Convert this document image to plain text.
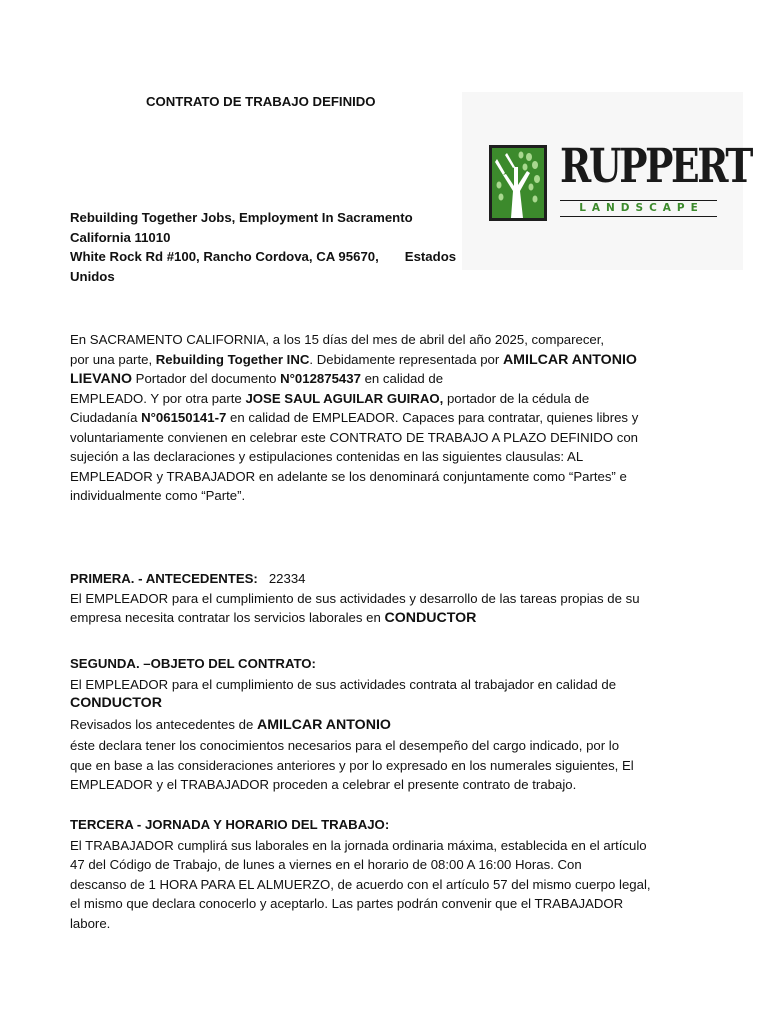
CONTRATO DE TRABAJO DEFINIDO
RUPPERT
LANDSCAPE
Rebuilding Together Jobs, Employment In Sacramento
California 11010
White Rock Rd #100, Rancho Cordova, CA 95670, Estados
Unidos
En SACRAMENTO CALIFORNIA, a los 15 días del mes de abril del año 2025, comparecer,
por una parte, Rebuilding Together INC. Debidamente representada por AMILCAR ANTONIO
LIEVANO Portador del documento N°012875437 en calidad de
EMPLEADO. Y por otra parte JOSE SAUL AGUILAR GUIRAO, portador de la cédula de
Ciudadanía N°06150141-7 en calidad de EMPLEADOR. Capaces para contratar, quienes libres y
voluntariamente convienen en celebrar este CONTRATO DE TRABAJO A PLAZO DEFINIDO con
sujeción a las declaraciones y estipulaciones contenidas en las siguientes clausulas: AL
EMPLEADOR y TRABAJADOR en adelante se los denominará conjuntamente como “Partes” e
individualmente como “Parte”.
PRIMERA. - ANTECEDENTES: 22334
El EMPLEADOR para el cumplimiento de sus actividades y desarrollo de las tareas propias de su
empresa necesita contratar los servicios laborales en CONDUCTOR
SEGUNDA. –OBJETO DEL CONTRATO:
El EMPLEADOR para el cumplimiento de sus actividades contrata al trabajador en calidad de
CONDUCTOR
Revisados los antecedentes de AMILCAR ANTONIO
éste declara tener los conocimientos necesarios para el desempeño del cargo indicado, por lo
que en base a las consideraciones anteriores y por lo expresado en los numerales siguientes, El
EMPLEADOR y el TRABAJADOR proceden a celebrar el presente contrato de trabajo.
TERCERA - JORNADA Y HORARIO DEL TRABAJO:
El TRABAJADOR cumplirá sus laborales en la jornada ordinaria máxima, establecida en el artículo
47 del Código de Trabajo, de lunes a viernes en el horario de 08:00 A 16:00 Horas. Con
descanso de 1 HORA PARA EL ALMUERZO, de acuerdo con el artículo 57 del mismo cuerpo legal,
el mismo que declara conocerlo y aceptarlo. Las partes podrán convenir que el TRABAJADOR
labore.
